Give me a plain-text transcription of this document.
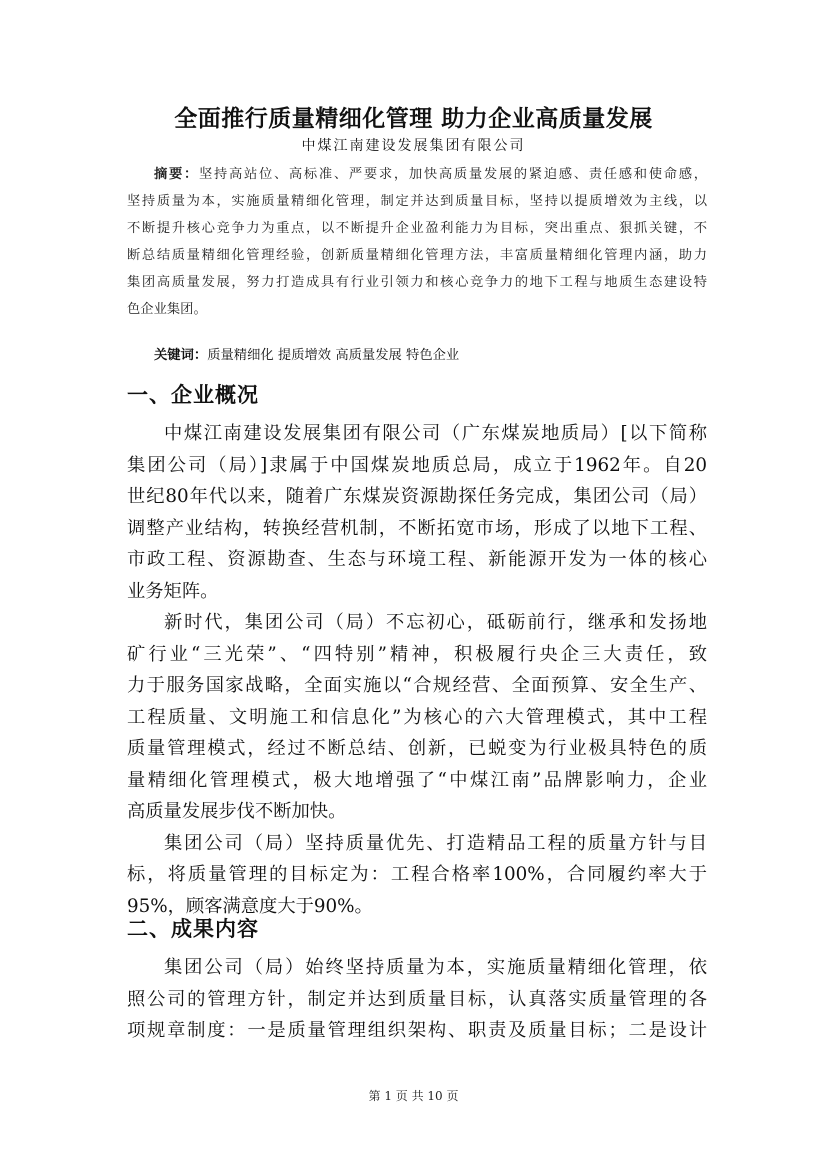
全面推行质量精细化管理 助力企业高质量发展
中煤江南建设发展集团有限公司
摘要：坚持高站位、高标准、严要求，加快高质量发展的紧迫感、责任感和使命感，
坚持质量为本，实施质量精细化管理，制定并达到质量目标，坚持以提质增效为主线，以
不断提升核心竞争力为重点，以不断提升企业盈利能力为目标，突出重点、狠抓关键，不
断总结质量精细化管理经验，创新质量精细化管理方法，丰富质量精细化管理内涵，助力
集团高质量发展，努力打造成具有行业引领力和核心竞争力的地下工程与地质生态建设特
色企业集团。
关键词：质量精细化 提质增效 高质量发展 特色企业
一、企业概况
中煤江南建设发展集团有限公司（广东煤炭地质局）[以下简称
集团公司（局）]隶属于中国煤炭地质总局，成立于1962年。自20
世纪80年代以来，随着广东煤炭资源勘探任务完成，集团公司（局）
调整产业结构，转换经营机制，不断拓宽市场，形成了以地下工程、
市政工程、资源勘查、生态与环境工程、新能源开发为一体的核心
业务矩阵。
新时代，集团公司（局）不忘初心，砥砺前行，继承和发扬地
矿行业“三光荣”、“四特别”精神，积极履行央企三大责任，致
力于服务国家战略，全面实施以“合规经营、全面预算、安全生产、
工程质量、文明施工和信息化”为核心的六大管理模式，其中工程
质量管理模式，经过不断总结、创新，已蜕变为行业极具特色的质
量精细化管理模式，极大地增强了“中煤江南”品牌影响力，企业
高质量发展步伐不断加快。
集团公司（局）坚持质量优先、打造精品工程的质量方针与目
标，将质量管理的目标定为：工程合格率100%，合同履约率大于
95%，顾客满意度大于90%。
二、成果内容
集团公司（局）始终坚持质量为本，实施质量精细化管理，依
照公司的管理方针，制定并达到质量目标，认真落实质量管理的各
项规章制度：一是质量管理组织架构、职责及质量目标；二是设计
第 1 页 共 10 页
